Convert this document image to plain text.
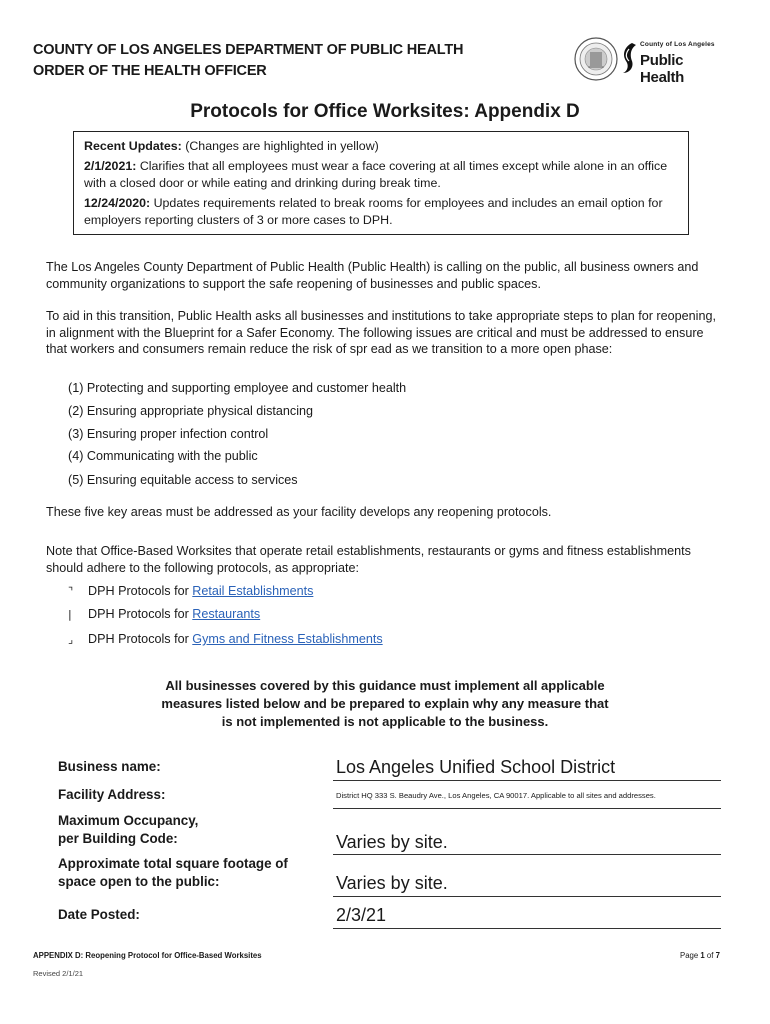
COUNTY OF LOS ANGELES DEPARTMENT OF PUBLIC HEALTH
ORDER OF THE HEALTH OFFICER
County of Los Angeles
Public Health
Protocols for Office Worksites: Appendix D

Recent Updates: (Changes are highlighted in yellow)

2/1/2021: Clarifies that all employees must wear a face covering at all times except while alone in an office with a closed door or while eating and drinking during break time.

12/24/2020: Updates requirements related to break rooms for employees and includes an email option for employers reporting clusters of 3 or more cases to DPH.

The Los Angeles County Department of Public Health (Public Health) is calling on the public, all business owners and community organizations to support the safe reopening of businesses and public spaces.
To aid in this transition, Public Health asks all businesses and institutions to take appropriate steps to plan for reopening, in alignment with the Blueprint for a Safer Economy. The following issues are critical and must be addressed to ensure that workers and consumers remain reduce the risk of spr ead as we transition to a more open phase:
(1) Protecting and supporting employee and customer health
(2) Ensuring appropriate physical distancing
(3) Ensuring proper infection control
(4) Communicating with the public
(5) Ensuring equitable access to services
These five key areas must be addressed as your facility develops any reopening protocols.
Note that Office-Based Worksites that operate retail establishments, restaurants or gyms and fitness establishments should adhere to the following protocols, as appropriate:
⌝ DPH Protocols for Retail Establishments
| DPH Protocols for Restaurants
⌟ DPH Protocols for Gyms and Fitness Establishments
All businesses covered by this guidance must implement all applicable
measures listed below and be prepared to explain why any measure that
is not implemented is not applicable to the business.
Business name:	Los Angeles Unified School District
Facility Address:	District HQ 333 S. Beaudry Ave., Los Angeles, CA 90017. Applicable to all sites and addresses.
Maximum Occupancy,
per Building Code:	Varies by site.
Approximate total square footage of
space open to the public:	Varies by site.
Date Posted:	2/3/21
APPENDIX D: Reopening Protocol for Office-Based Worksites
Revised 2/1/21
Page 1 of 7
